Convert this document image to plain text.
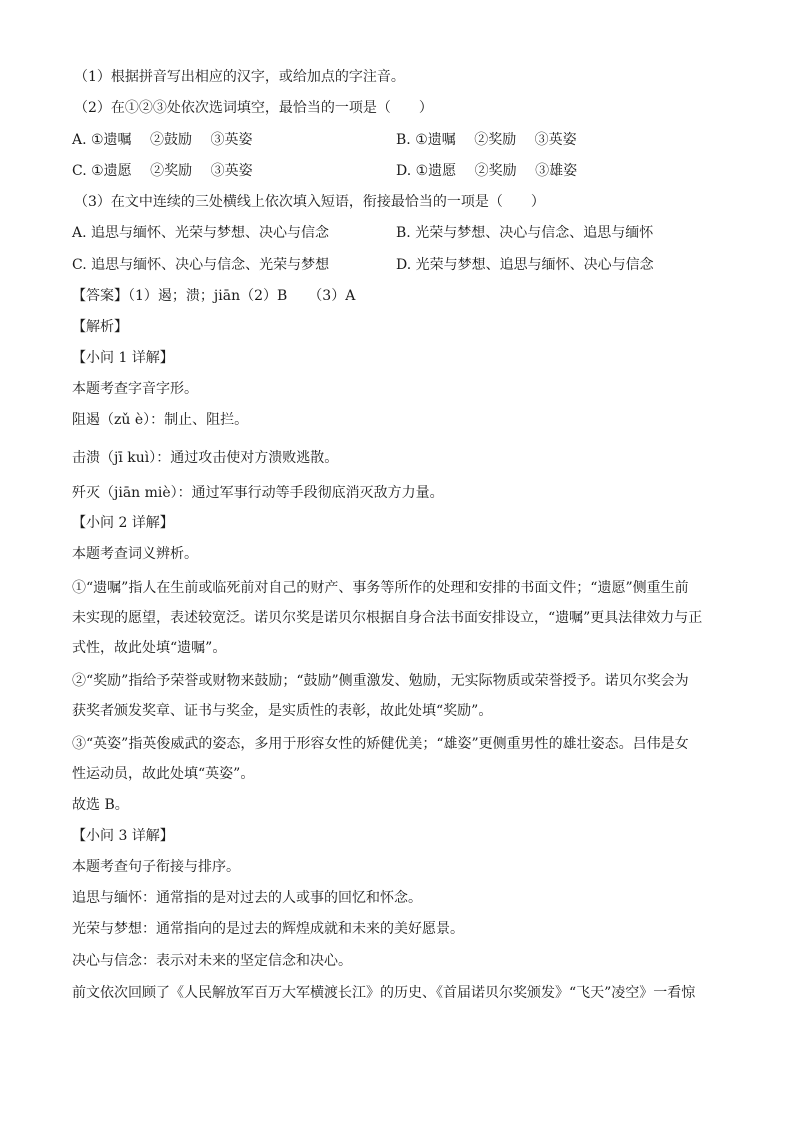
（1）根据拼音写出相应的汉字，或给加点的字注音。
（2）在①②③处依次选词填空，最恰当的一项是（　　）
A. ①遗嘱　 ②鼓励　 ③英姿	B. ①遗嘱　 ②奖励　 ③英姿
C. ①遗愿　 ②奖励　 ③英姿	D. ①遗愿　 ②奖励　 ③雄姿
（3）在文中连续的三处横线上依次填入短语，衔接最恰当的一项是（　　）
A. 追思与缅怀、光荣与梦想、决心与信念	B. 光荣与梦想、决心与信念、追思与缅怀
C. 追思与缅怀、决心与信念、光荣与梦想	D. 光荣与梦想、追思与缅怀、决心与信念
【答案】（1）遏；溃；jiān（2）B　　（3）A
【解析】
【小问 1 详解】
本题考查字音字形。
阻遏（zǔ è）：制止、阻拦。
击溃（jī kuì）：通过攻击使对方溃败逃散。
歼灭（jiān miè）：通过军事行动等手段彻底消灭敌方力量。
【小问 2 详解】
本题考查词义辨析。
①“遗嘱”指人在生前或临死前对自己的财产、事务等所作的处理和安排的书面文件；“遗愿”侧重生前
未实现的愿望，表述较宽泛。诺贝尔奖是诺贝尔根据自身合法书面安排设立，“遗嘱”更具法律效力与正
式性，故此处填“遗嘱”。
②“奖励”指给予荣誉或财物来鼓励；“鼓励”侧重激发、勉励，无实际物质或荣誉授予。诺贝尔奖会为
获奖者颁发奖章、证书与奖金，是实质性的表彰，故此处填“奖励”。
③“英姿”指英俊威武的姿态，多用于形容女性的矫健优美；“雄姿”更侧重男性的雄壮姿态。吕伟是女
性运动员，故此处填“英姿”。
故选 B。
【小问 3 详解】
本题考查句子衔接与排序。
追思与缅怀：通常指的是对过去的人或事的回忆和怀念。
光荣与梦想：通常指向的是过去的辉煌成就和未来的美好愿景。
决心与信念：表示对未来的坚定信念和决心。
前文依次回顾了《人民解放军百万大军横渡长江》的历史、《首届诺贝尔奖颁发》“飞天”凌空》一看惊
